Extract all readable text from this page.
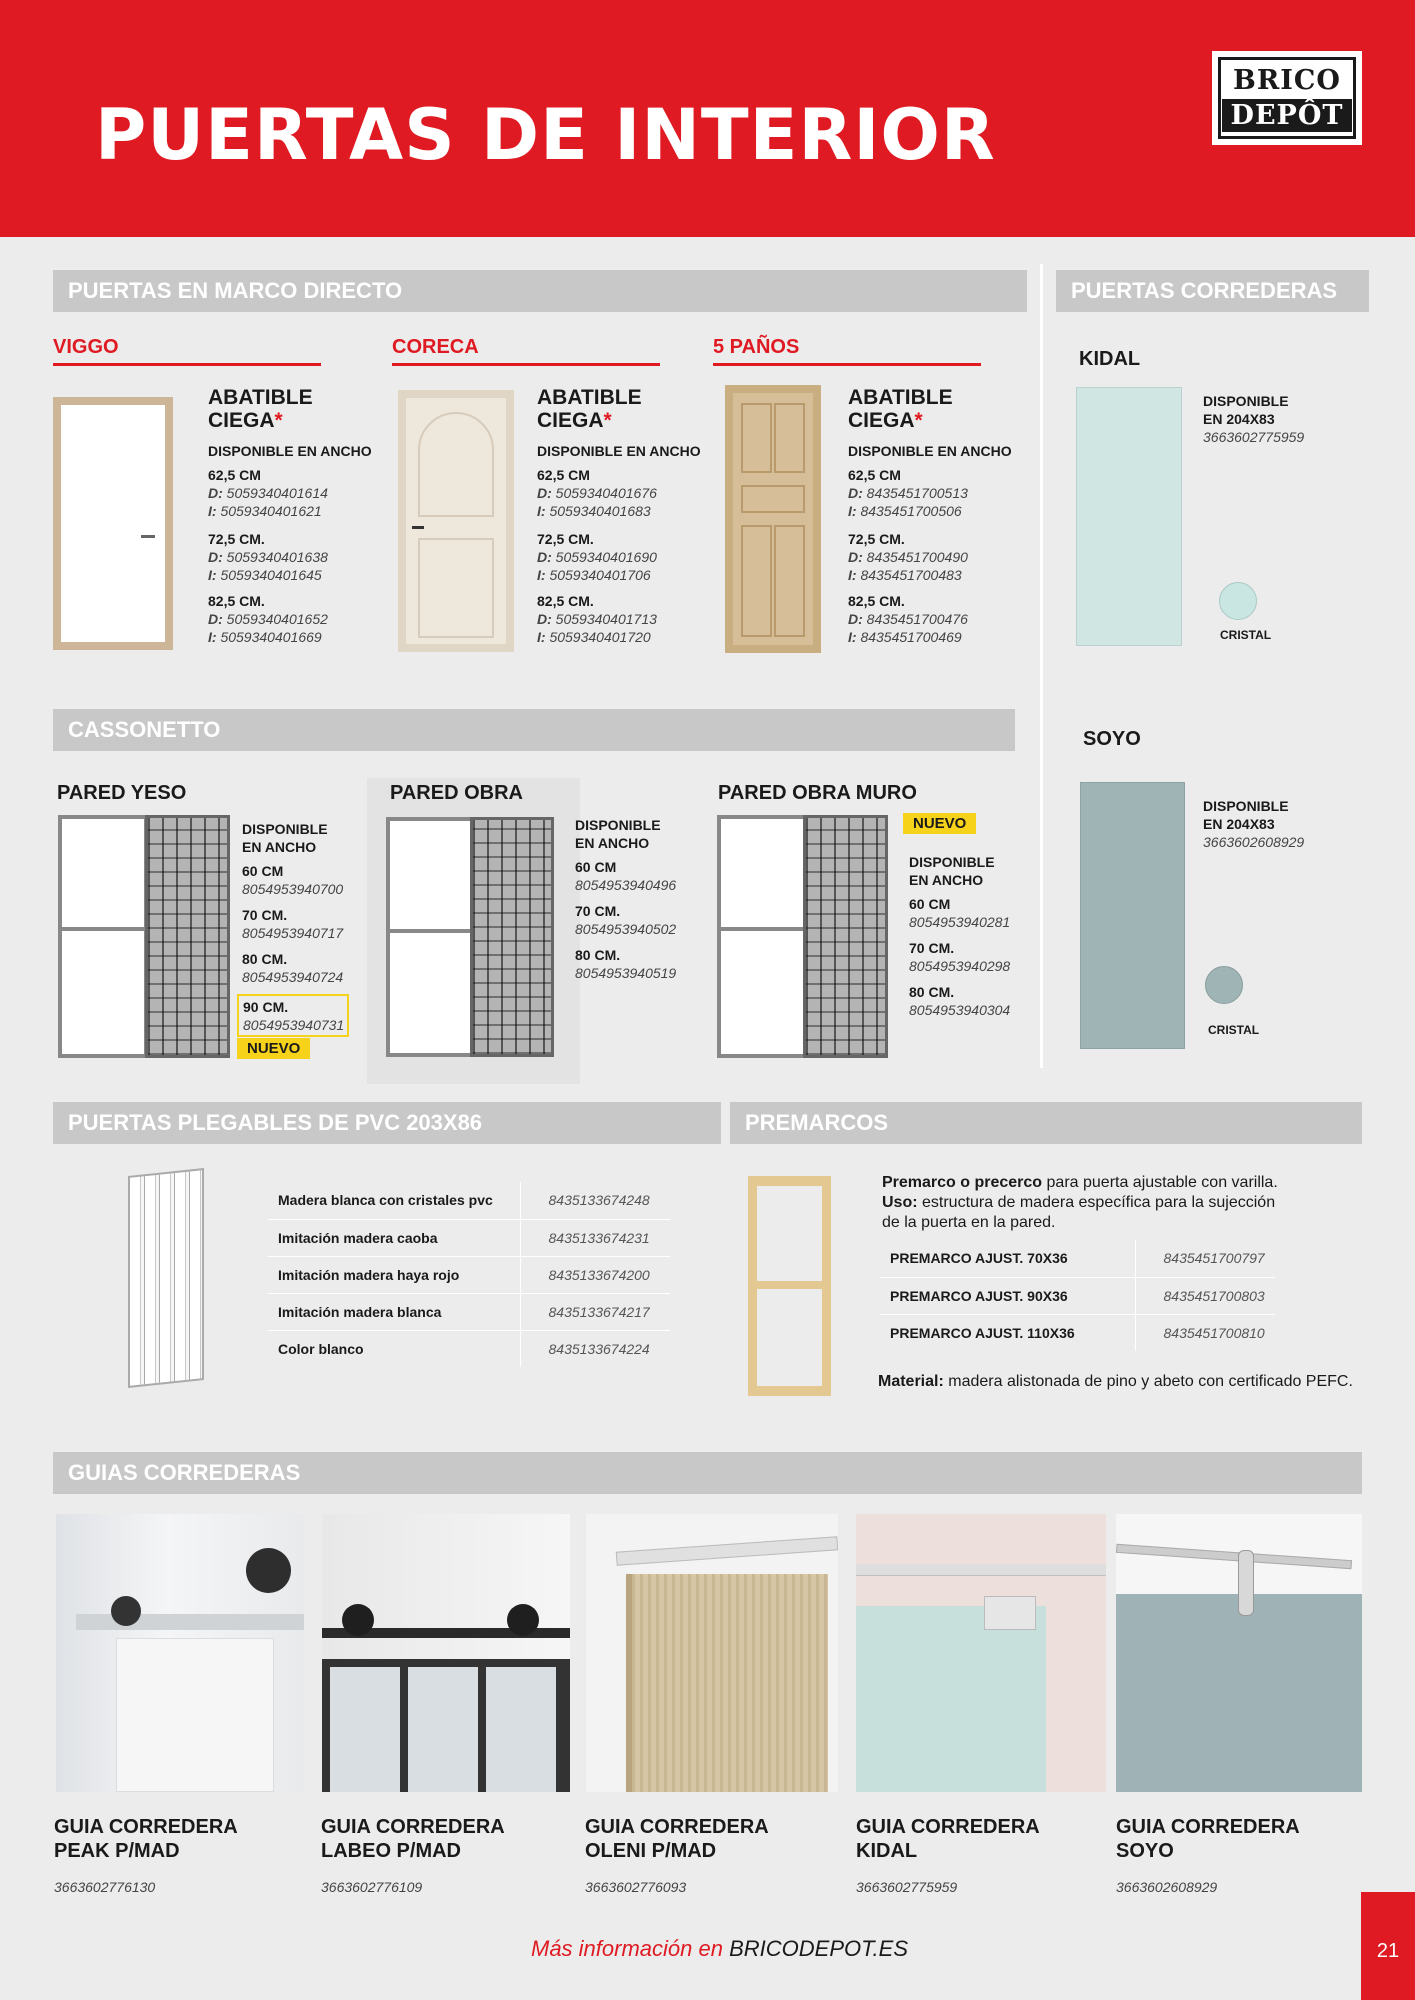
PUERTAS DE INTERIOR
BRICO
DEPÔT
PUERTAS EN MARCO DIRECTO	PUERTAS CORREDERAS
VIGGO
ABATIBLE
CIEGA*
DISPONIBLE EN ANCHO
62,5 CM
D: 5059340401614
I: 5059340401621
72,5 CM.
D: 5059340401638
I: 5059340401645
82,5 CM.
D: 5059340401652
I: 5059340401669
CORECA
ABATIBLE
CIEGA*
DISPONIBLE EN ANCHO
62,5 CM
D: 5059340401676
I: 5059340401683
72,5 CM.
D: 5059340401690
I: 5059340401706
82,5 CM.
D: 5059340401713
I: 5059340401720
5 PAÑOS
ABATIBLE
CIEGA*
DISPONIBLE EN ANCHO
62,5 CM
D: 8435451700513
I: 8435451700506
72,5 CM.
D: 8435451700490
I: 8435451700483
82,5 CM.
D: 8435451700476
I: 8435451700469
KIDAL
DISPONIBLE
EN 204X83
3663602775959
CRISTAL
SOYO
DISPONIBLE
EN 204X83
3663602608929
CRISTAL
CASSONETTO
PARED YESO
DISPONIBLE
EN ANCHO
60 CM
8054953940700
70 CM.
8054953940717
80 CM.
8054953940724
90 CM.
8054953940731
NUEVO
PARED OBRA
DISPONIBLE
EN ANCHO
60 CM
8054953940496
70 CM.
8054953940502
80 CM.
8054953940519
PARED OBRA MURO
NUEVO
DISPONIBLE
EN ANCHO
60 CM
8054953940281
70 CM.
8054953940298
80 CM.
8054953940304
PUERTAS PLEGABLES DE PVC 203X86
Madera blanca con cristales pvc	8435133674248
Imitación madera caoba	8435133674231
Imitación madera haya rojo	8435133674200
Imitación madera blanca	8435133674217
Color blanco	8435133674224
PREMARCOS
Premarco o precerco para puerta ajustable con varilla.
Uso: estructura de madera específica para la sujección
de la puerta en la pared.
PREMARCO AJUST. 70X36	8435451700797
PREMARCO AJUST. 90X36	8435451700803
PREMARCO AJUST. 110X36	8435451700810
Material: madera alistonada de pino y abeto con certificado PEFC.
GUIAS CORREDERAS
GUIA CORREDERA
PEAK P/MAD
3663602776130
GUIA CORREDERA
LABEO P/MAD
3663602776109
GUIA CORREDERA
OLENI P/MAD
3663602776093
GUIA CORREDERA
KIDAL
3663602775959
GUIA CORREDERA
SOYO
3663602608929
Más información en BRICODEPOT.ES	21
